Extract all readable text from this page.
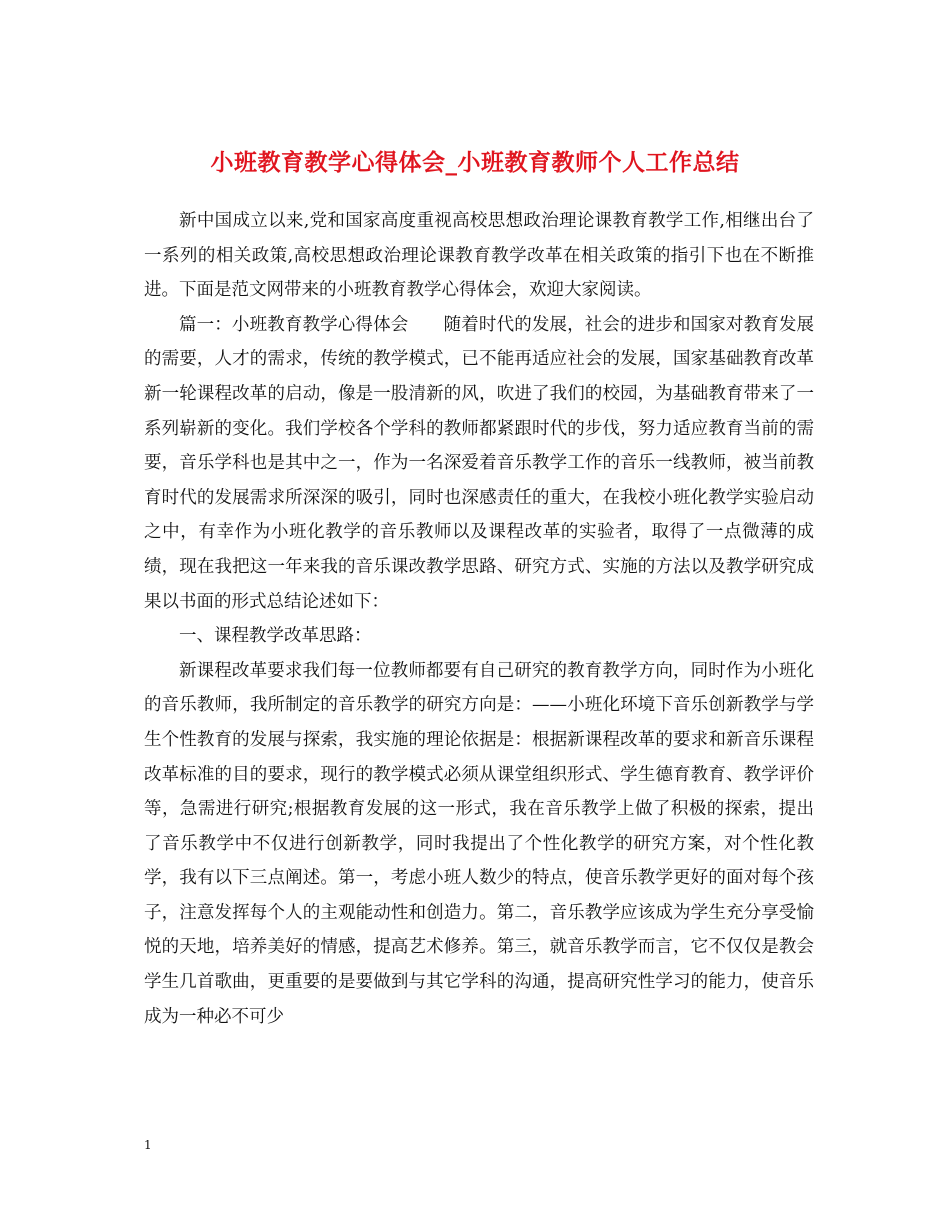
小班教育教学心得体会_小班教育教师个人工作总结

新中国成立以来,党和国家高度重视高校思想政治理论课教育教学工作,相继出台了一系列的相关政策,高校思想政治理论课教育教学改革在相关政策的指引下也在不断推进。下面是范文网带来的小班教育教学心得体会，欢迎大家阅读。

篇一：小班教育教学心得体会　　随着时代的发展，社会的进步和国家对教育发展的需要，人才的需求，传统的教学模式，已不能再适应社会的发展，国家基础教育改革新一轮课程改革的启动，像是一股清新的风，吹进了我们的校园，为基础教育带来了一系列崭新的变化。我们学校各个学科的教师都紧跟时代的步伐，努力适应教育当前的需要，音乐学科也是其中之一，作为一名深爱着音乐教学工作的音乐一线教师，被当前教育时代的发展需求所深深的吸引，同时也深感责任的重大，在我校小班化教学实验启动之中，有幸作为小班化教学的音乐教师以及课程改革的实验者，取得了一点微薄的成绩，现在我把这一年来我的音乐课改教学思路、研究方式、实施的方法以及教学研究成果以书面的形式总结论述如下：

一、课程教学改革思路：

新课程改革要求我们每一位教师都要有自己研究的教育教学方向，同时作为小班化的音乐教师，我所制定的音乐教学的研究方向是：——小班化环境下音乐创新教学与学生个性教育的发展与探索，我实施的理论依据是：根据新课程改革的要求和新音乐课程改革标准的目的要求，现行的教学模式必须从课堂组织形式、学生德育教育、教学评价等，急需进行研究;根据教育发展的这一形式，我在音乐教学上做了积极的探索，提出了音乐教学中不仅进行创新教学，同时我提出了个性化教学的研究方案，对个性化教学，我有以下三点阐述。第一，考虑小班人数少的特点，使音乐教学更好的面对每个孩子，注意发挥每个人的主观能动性和创造力。第二，音乐教学应该成为学生充分享受愉悦的天地，培养美好的情感，提高艺术修养。第三，就音乐教学而言，它不仅仅是教会学生几首歌曲，更重要的是要做到与其它学科的沟通，提高研究性学习的能力，使音乐成为一种必不可少

1
